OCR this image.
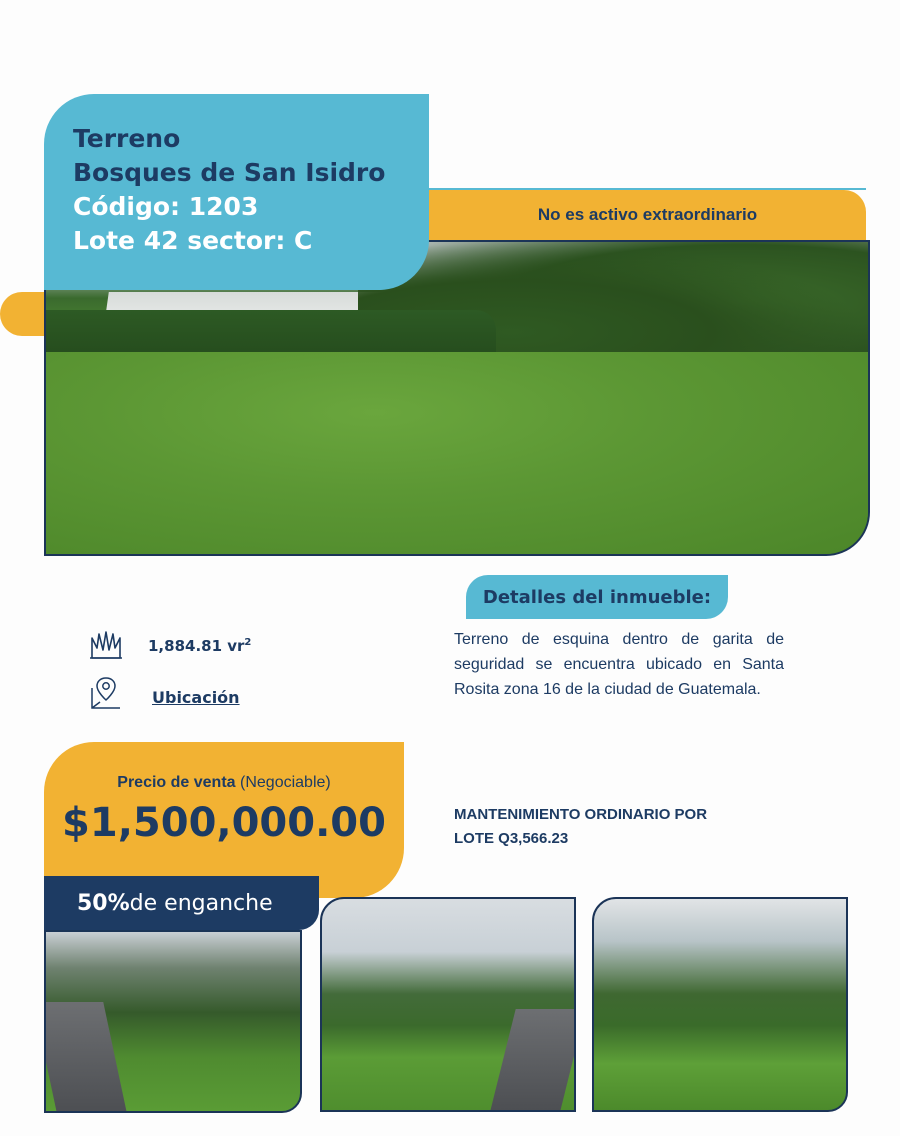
Terreno
Bosques de San Isidro
Código: 1203
Lote 42 sector: C
No es activo extraordinario
Detalles del inmueble:
Terreno de esquina dentro de garita de seguridad se encuentra ubicado en Santa Rosita zona 16 de la ciudad de Guatemala.
1,884.81 $vr^2$
Ubicación
Precio de venta (Negociable)
$1,500,000.00
50% de enganche
MANTENIMIENTO ORDINARIO POR
LOTE Q3,566.23
